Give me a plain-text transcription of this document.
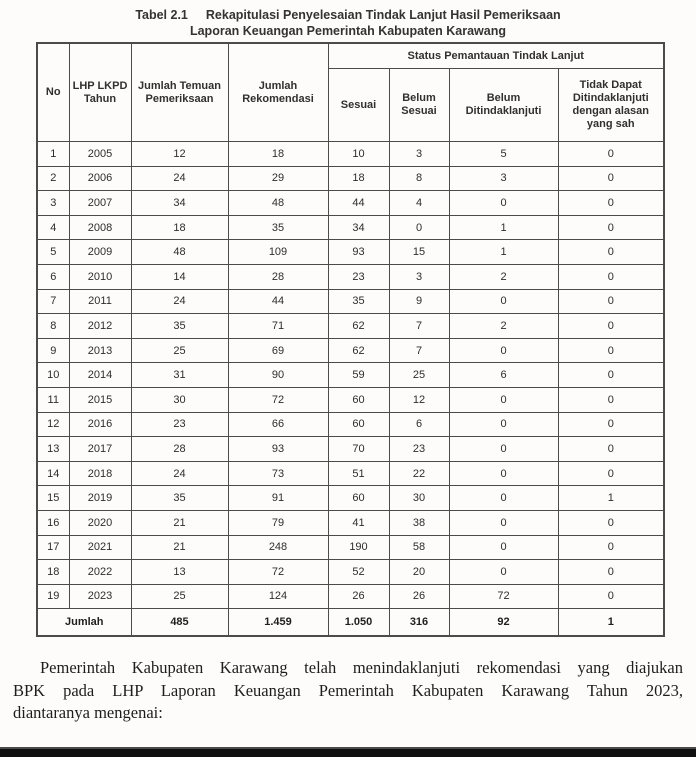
Tabel 2.1 Rekapitulasi Penyelesaian Tindak Lanjut Hasil Pemeriksaan
Laporan Keuangan Pemerintah Kabupaten Karawang
No	LHP LKPD Tahun	Jumlah Temuan Pemeriksaan	Jumlah Rekomendasi	Status Pemantauan Tindak Lanjut			
				Sesuai	Belum Sesuai	Belum Ditindaklanjuti	Tidak Dapat Ditindaklanjuti dengan alasan yang sah
1	2005	12	18	10	3	5	0
2	2006	24	29	18	8	3	0
3	2007	34	48	44	4	0	0
4	2008	18	35	34	0	1	0
5	2009	48	109	93	15	1	0
6	2010	14	28	23	3	2	0
7	2011	24	44	35	9	0	0
8	2012	35	71	62	7	2	0
9	2013	25	69	62	7	0	0
10	2014	31	90	59	25	6	0
11	2015	30	72	60	12	0	0
12	2016	23	66	60	6	0	0
13	2017	28	93	70	23	0	0
14	2018	24	73	51	22	0	0
15	2019	35	91	60	30	0	1
16	2020	21	79	41	38	0	0
17	2021	21	248	190	58	0	0
18	2022	13	72	52	20	0	0
19	2023	25	124	26	26	72	0
Jumlah		485	1.459	1.050	316	92	1
Pemerintah Kabupaten Karawang telah menindaklanjuti rekomendasi yang diajukan
BPK pada LHP Laporan Keuangan Pemerintah Kabupaten Karawang Tahun 2023,
diantaranya mengenai:
